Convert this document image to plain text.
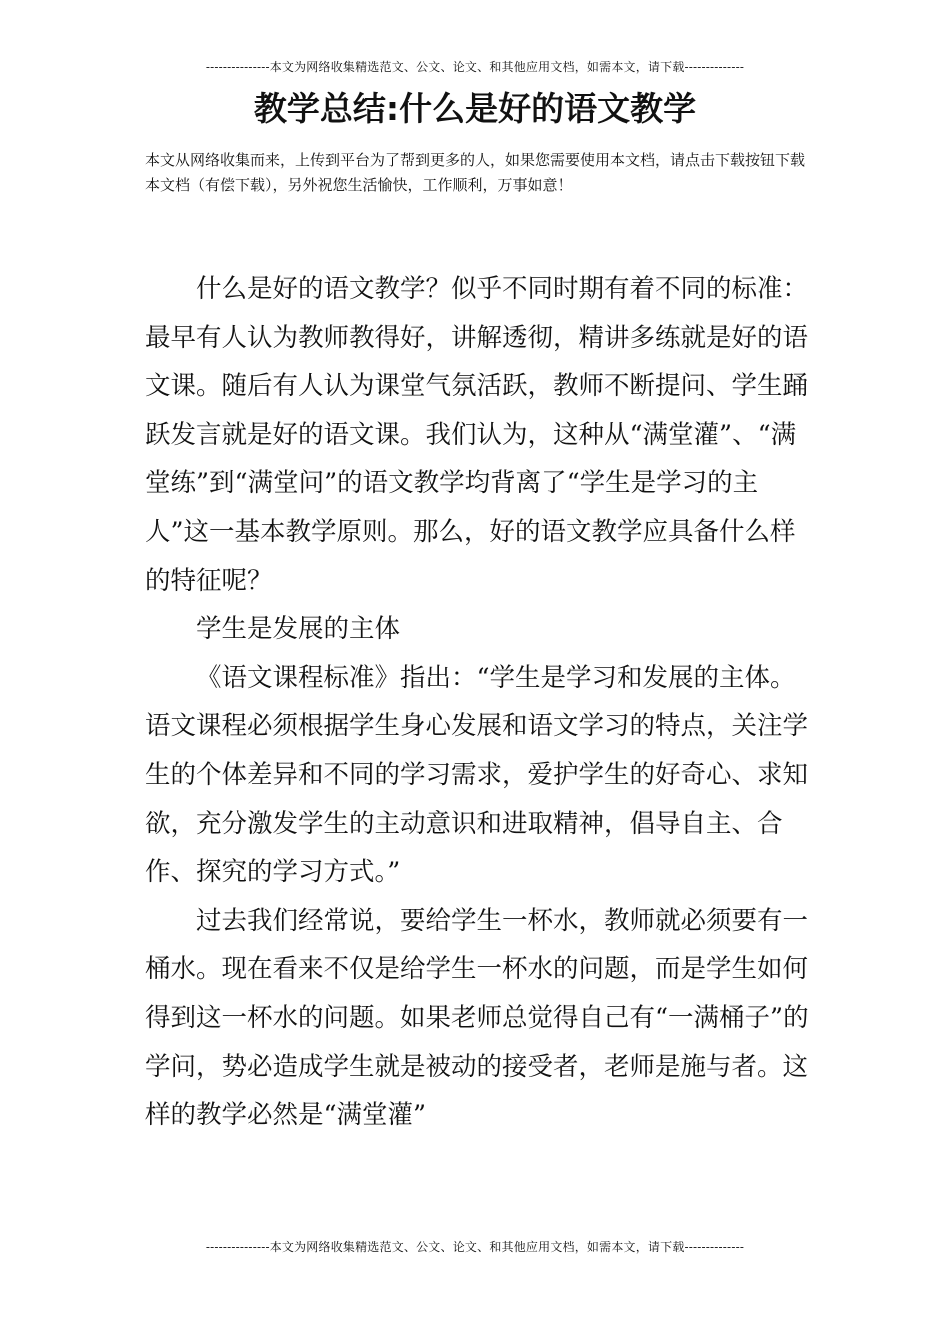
---------------本文为网络收集精选范文、公文、论文、和其他应用文档，如需本文，请下载--------------
教学总结:什么是好的语文教学
本文从网络收集而来，上传到平台为了帮到更多的人，如果您需要使用本文档，请点击下载按钮下载本文档（有偿下载），另外祝您生活愉快，工作顺利，万事如意！

什么是好的语文教学？似乎不同时期有着不同的标准：最早有人认为教师教得好，讲解透彻，精讲多练就是好的语文课。随后有人认为课堂气氛活跃，教师不断提问、学生踊跃发言就是好的语文课。我们认为，这种从“满堂灌”、“满堂练”到“满堂问”的语文教学均背离了“学生是学习的主人”这一基本教学原则。那么，好的语文教学应具备什么样的特征呢？

学生是发展的主体

《语文课程标准》指出：“学生是学习和发展的主体。语文课程必须根据学生身心发展和语文学习的特点，关注学生的个体差异和不同的学习需求，爱护学生的好奇心、求知欲，充分激发学生的主动意识和进取精神，倡导自主、合作、探究的学习方式。”

过去我们经常说，要给学生一杯水，教师就必须要有一桶水。现在看来不仅是给学生一杯水的问题，而是学生如何得到这一杯水的问题。如果老师总觉得自己有“一满桶子”的学问，势必造成学生就是被动的接受者，老师是施与者。这样的教学必然是“满堂灌”

---------------本文为网络收集精选范文、公文、论文、和其他应用文档，如需本文，请下载--------------
